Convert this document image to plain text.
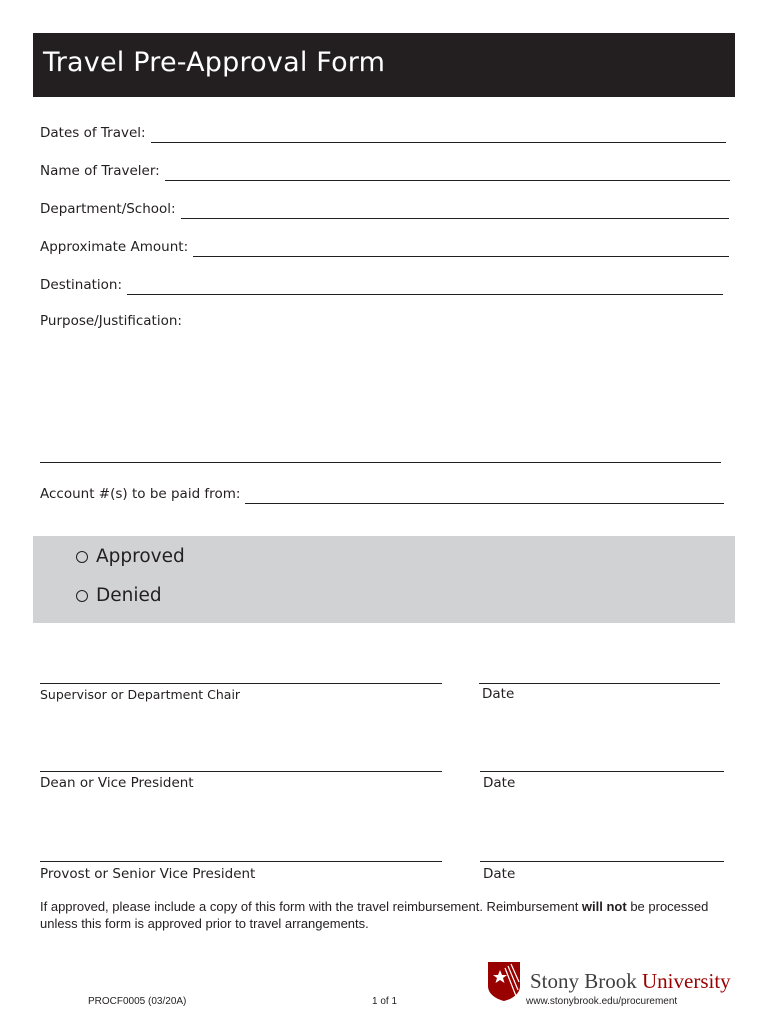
Travel Pre-Approval Form
Dates of Travel:
Name of Traveler:
Department/School:
Approximate Amount:
Destination:
Purpose/Justification:
Account #(s) to be paid from:
Approved
Denied
Supervisor or Department Chair	Date
Dean or Vice President	Date
Provost or Senior Vice President	Date
If approved, please include a copy of this form with the travel reimbursement. Reimbursement will not be processed unless this form is approved prior to travel arrangements.
PROCF0005 (03/20A)	1 of 1
Stony Brook University
www.stonybrook.edu/procurement
